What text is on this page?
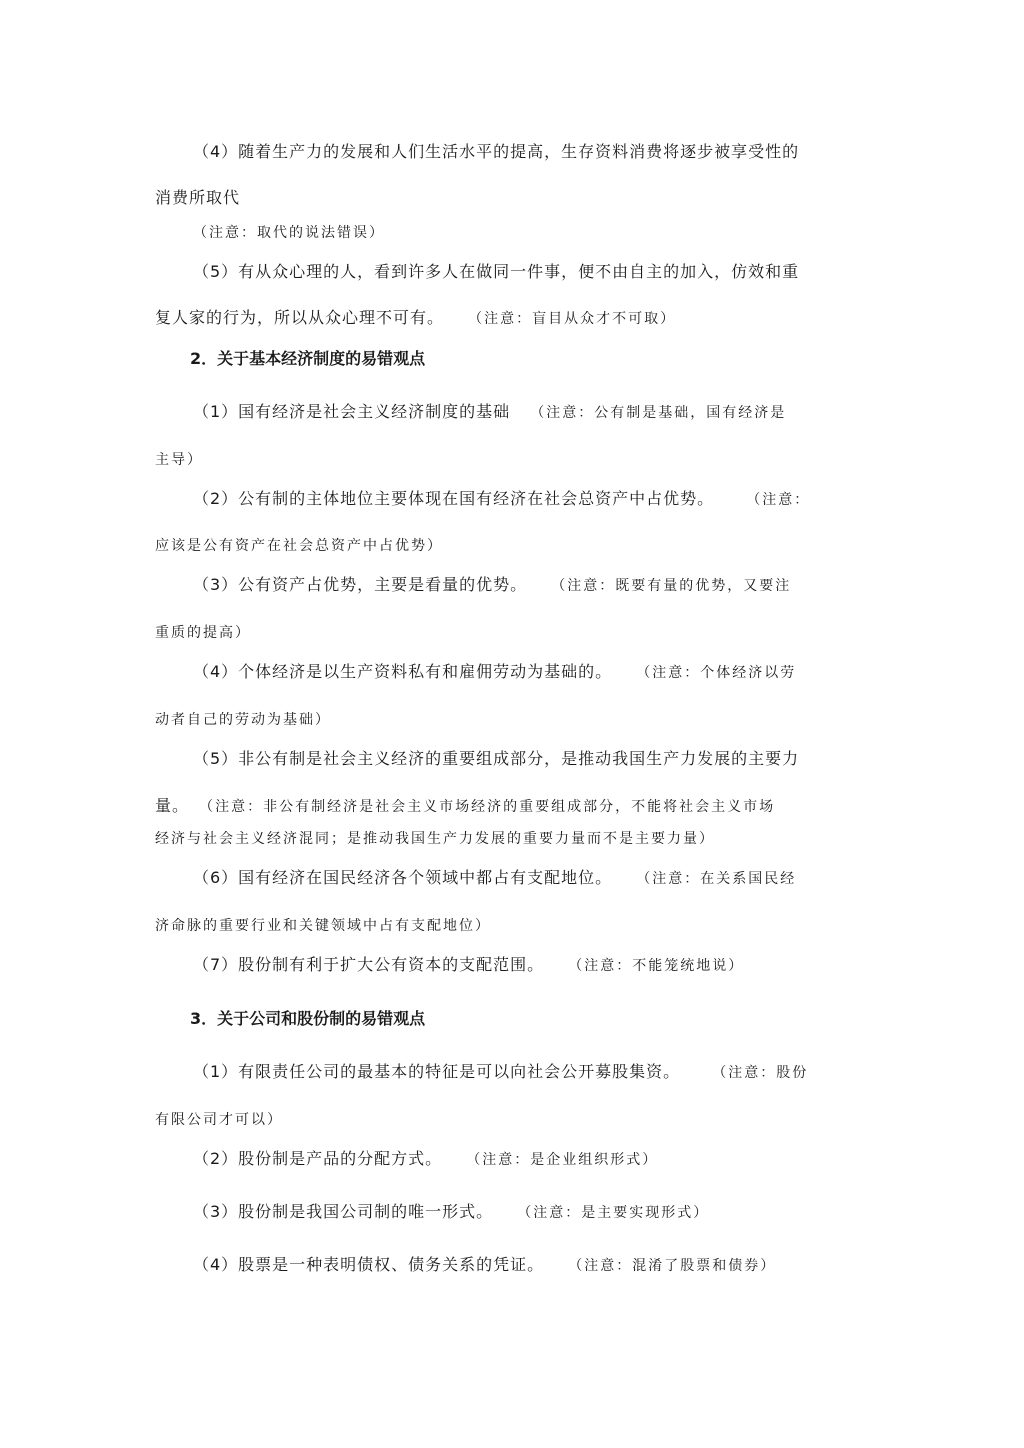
（4）随着生产力的发展和人们生活水平的提高，生存资料消费将逐步被享受性的
消费所取代
（注意：取代的说法错误）
（5）有从众心理的人，看到许多人在做同一件事，便不由自主的加入，仿效和重
复人家的行为，所以从众心理不可有。 （注意：盲目从众才不可取）
2．关于基本经济制度的易错观点
（1）国有经济是社会主义经济制度的基础 （注意：公有制是基础，国有经济是
主导）
（2）公有制的主体地位主要体现在国有经济在社会总资产中占优势。 （注意：
应该是公有资产在社会总资产中占优势）
（3）公有资产占优势，主要是看量的优势。 （注意：既要有量的优势，又要注
重质的提高）
（4）个体经济是以生产资料私有和雇佣劳动为基础的。 （注意：个体经济以劳
动者自己的劳动为基础）
（5）非公有制是社会主义经济的重要组成部分，是推动我国生产力发展的主要力
量。 （注意：非公有制经济是社会主义市场经济的重要组成部分，不能将社会主义市场
经济与社会主义经济混同；是推动我国生产力发展的重要力量而不是主要力量）
（6）国有经济在国民经济各个领域中都占有支配地位。 （注意：在关系国民经
济命脉的重要行业和关键领域中占有支配地位）
（7）股份制有利于扩大公有资本的支配范围。 （注意：不能笼统地说）
3．关于公司和股份制的易错观点
（1）有限责任公司的最基本的特征是可以向社会公开募股集资。 （注意：股份
有限公司才可以）
（2）股份制是产品的分配方式。 （注意：是企业组织形式）
（3）股份制是我国公司制的唯一形式。 （注意：是主要实现形式）
（4）股票是一种表明债权、债务关系的凭证。 （注意：混淆了股票和债券）
